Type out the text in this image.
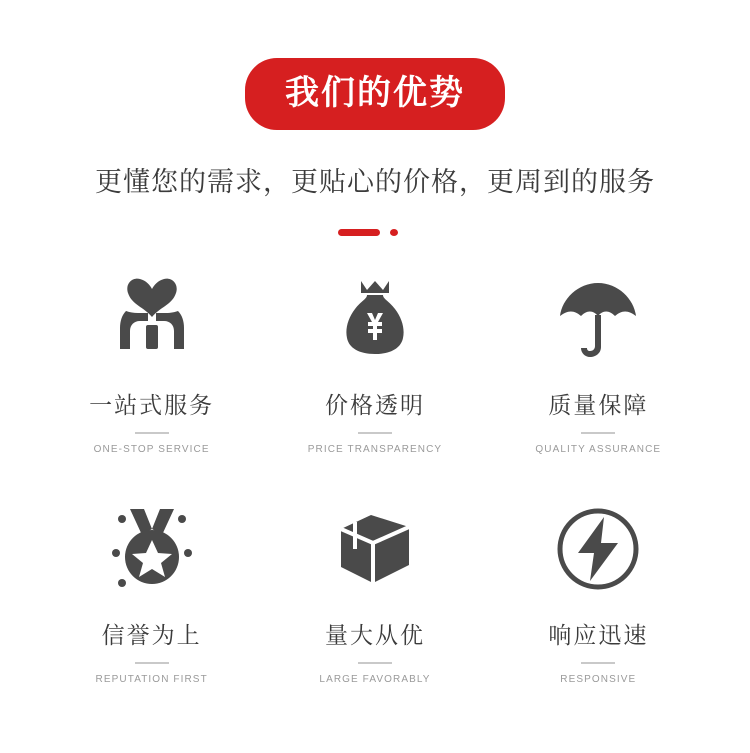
我们的优势
更懂您的需求，更贴心的价格，更周到的服务
一站式服务
ONE-STOP SERVICE
价格透明
PRICE TRANSPARENCY
质量保障
QUALITY ASSURANCE
信誉为上
REPUTATION FIRST
量大从优
LARGE FAVORABLY
响应迅速
RESPONSIVE
